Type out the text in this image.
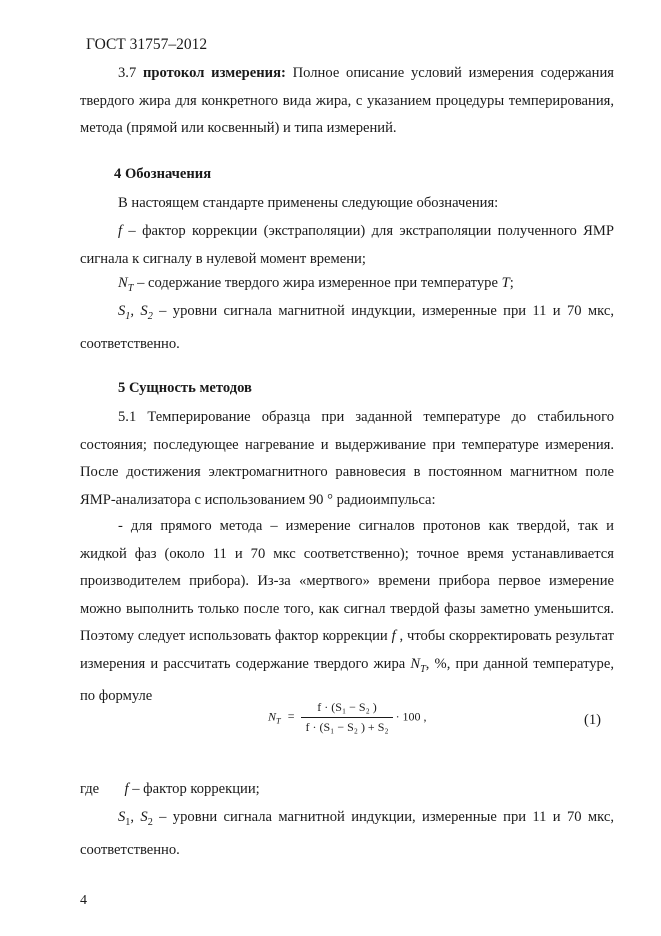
ГОСТ 31757–2012

3.7 протокол измерения: Полное описание условий измерения содержания твердого жира для конкретного вида жира, с указанием процедуры темперирования, метода (прямой или косвенный) и типа измерений.

4 Обозначения

В настоящем стандарте применены следующие обозначения:

f – фактор коррекции (экстраполяции) для экстраполяции полученного ЯМР сигнала к сигналу в нулевой момент времени;

$N_T$ – содержание твердого жира измеренное при температуре T;

$S_1$, $S_2$ – уровни сигнала магнитной индукции, измеренные при 11 и 70 мкс, соответственно.

5 Сущность методов

5.1 Темперирование образца при заданной температуре до стабильного состояния; последующее нагревание и выдерживание при температуре измерения. После достижения электромагнитного равновесия в постоянном магнитном поле ЯМР-анализатора с использованием 90 ° радиоимпульса:

- для прямого метода – измерение сигналов протонов как твердой, так и жидкой фаз (около 11 и 70 мкс соответственно); точное время устанавливается производителем прибора). Из-за «мертвого» времени прибора первое измерение можно выполнить только после того, как сигнал твердой фазы заметно уменьшится. Поэтому следует использовать фактор коррекции f , чтобы скорректировать результат измерения и рассчитать содержание твердого жира $N_T$, %, при данной температуре, по формуле

$N_T = \frac{\text{f · (S₁ − S₂ )}}{\text{f · (S₁ − S₂ ) + S₂}} \cdot 100$ ,	(1)

где f – фактор коррекции;

$S_1$, $S_2$ – уровни сигнала магнитной индукции, измеренные при 11 и 70 мкс, соответственно.

4
